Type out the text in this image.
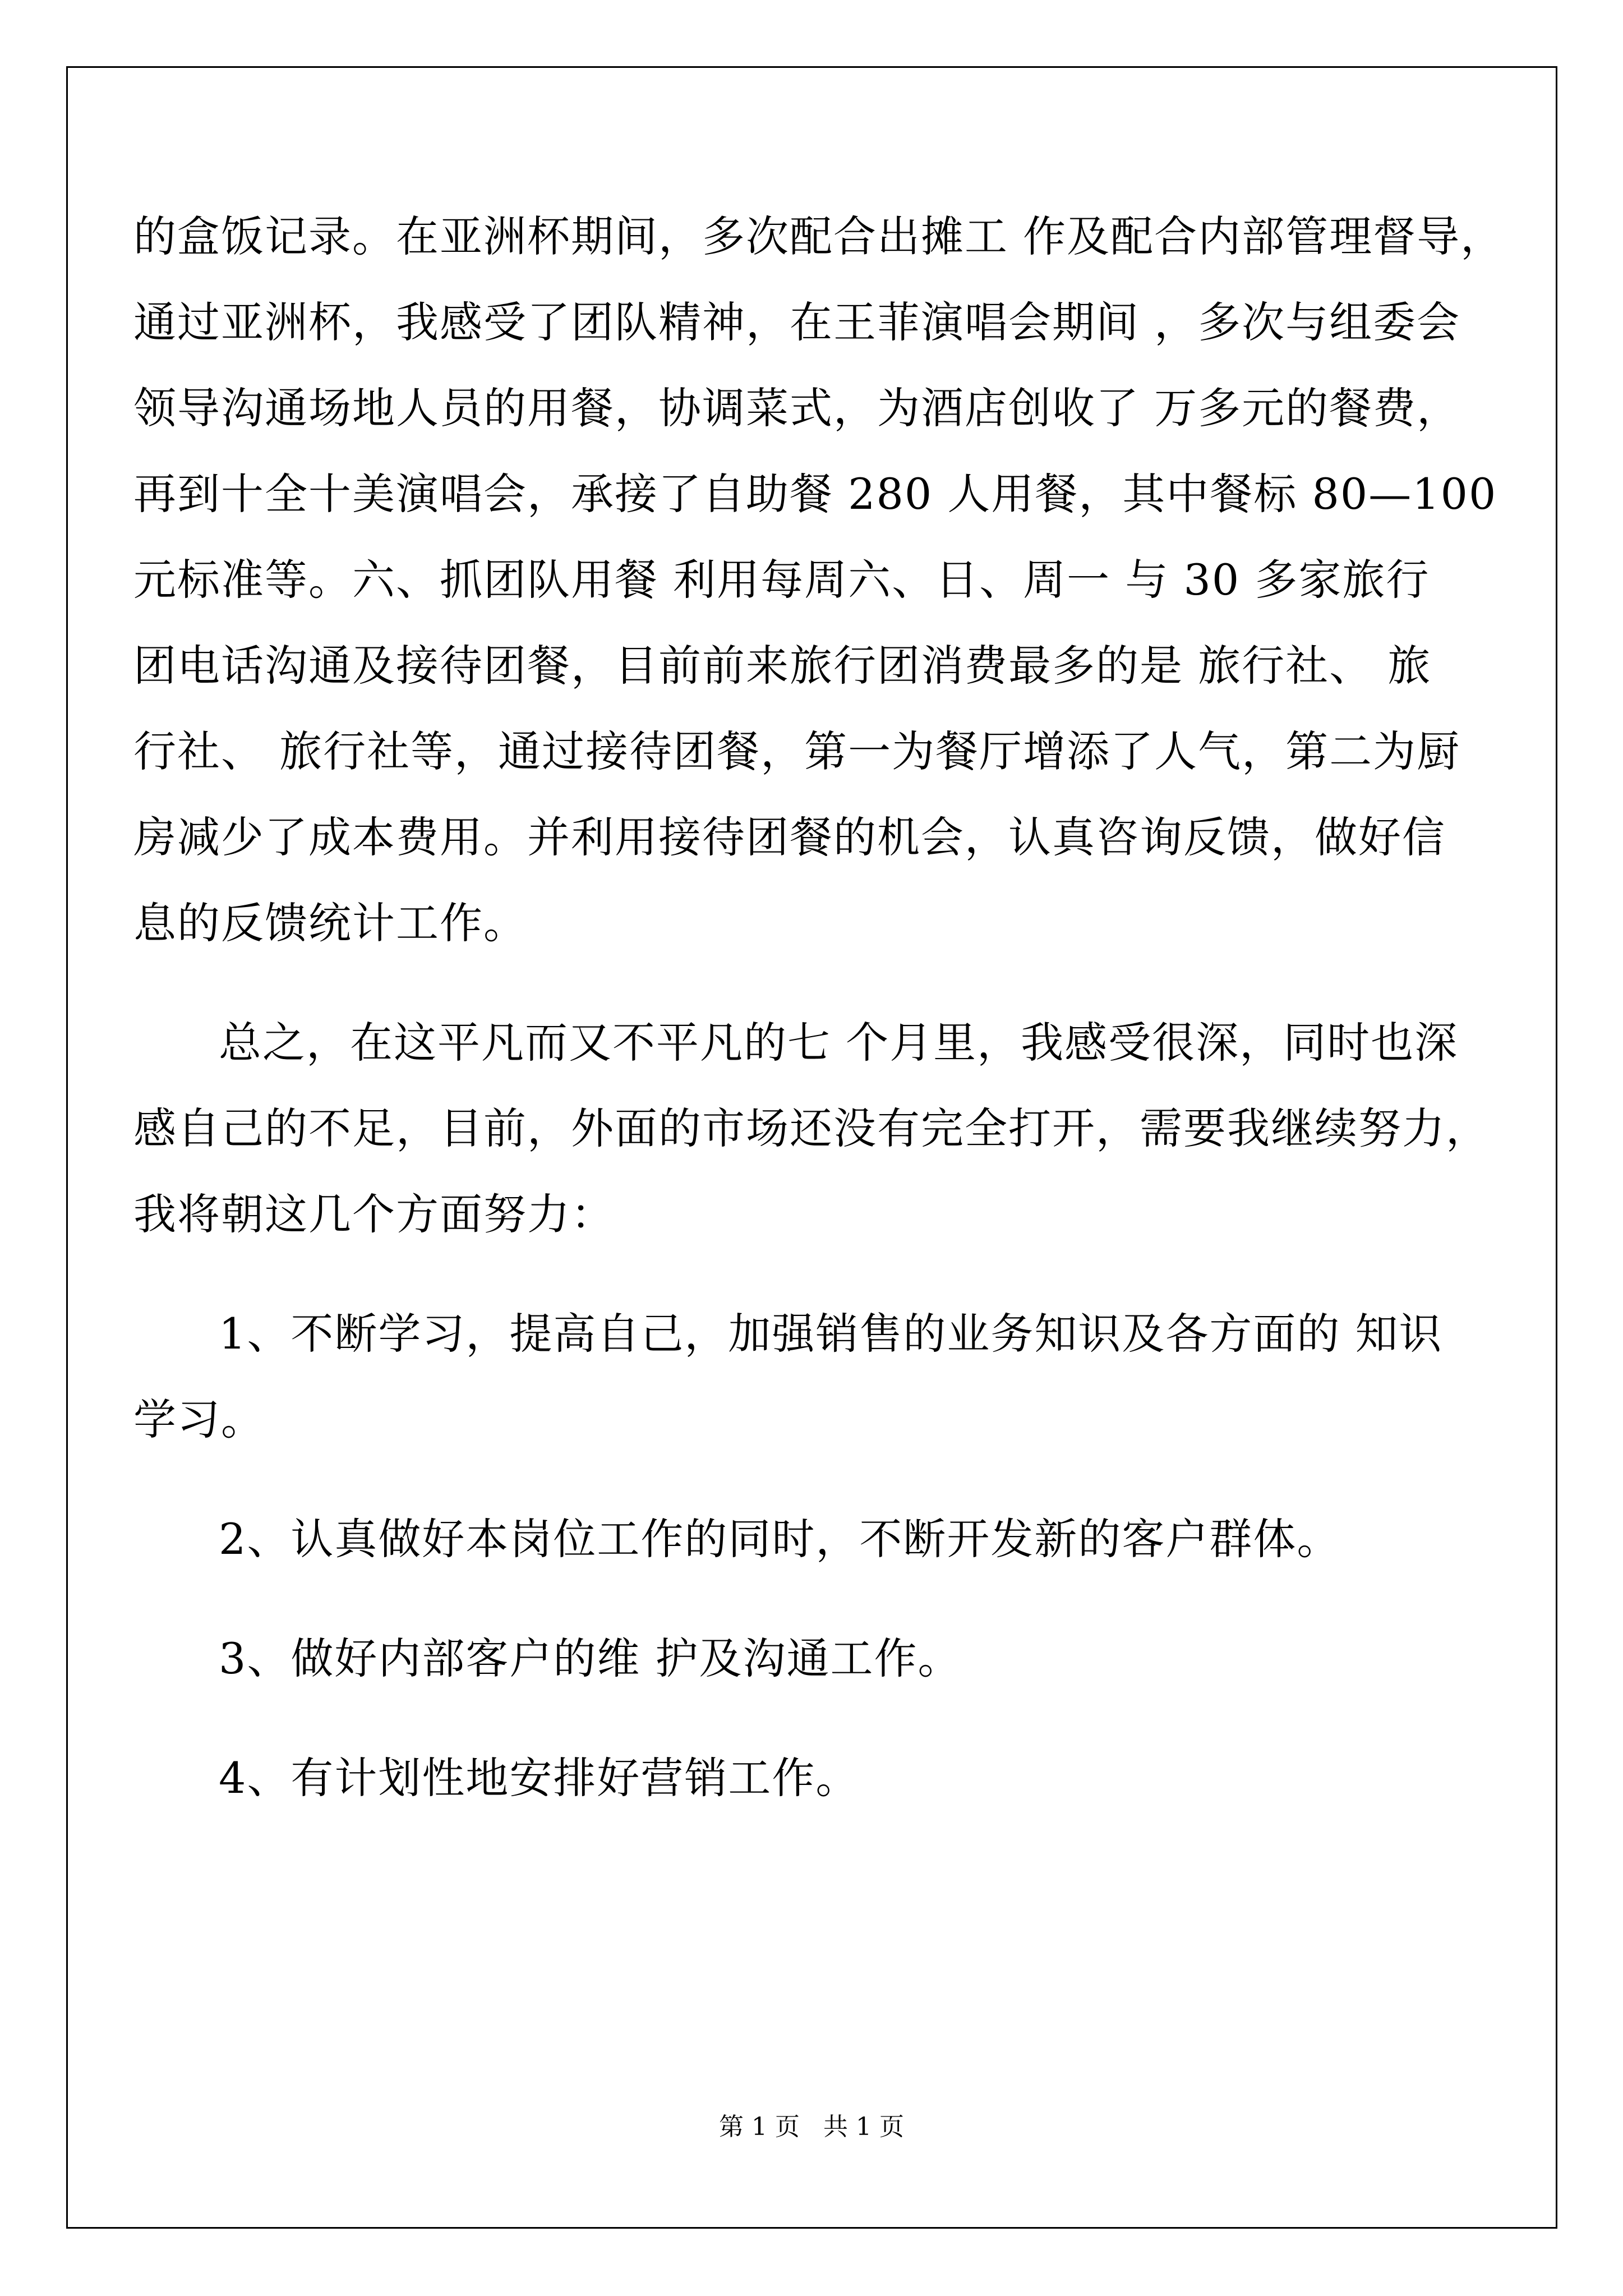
的盒饭记录。在亚洲杯期间，多次配合出摊工 作及配合内部管理督导，
通过亚洲杯，我感受了团队精神，在王菲演唱会期间 ，多次与组委会
领导沟通场地人员的用餐，协调菜式，为酒店创收了 万多元的餐费，
再到十全十美演唱会，承接了自助餐 280 人用餐，其中餐标 80—100
元标准等。六、抓团队用餐 利用每周六、日、周一 与 30 多家旅行
团电话沟通及接待团餐，目前前来旅行团消费最多的是 旅行社、 旅
行社、 旅行社等，通过接待团餐，第一为餐厅增添了人气，第二为厨
房减少了成本费用。并利用接待团餐的机会，认真咨询反馈，做好信
息的反馈统计工作。
总之，在这平凡而又不平凡的七 个月里，我感受很深，同时也深
感自己的不足，目前，外面的市场还没有完全打开，需要我继续努力，
我将朝这几个方面努力：
1、不断学习，提高自己，加强销售的业务知识及各方面的 知识
学习。
2、认真做好本岗位工作的同时，不断开发新的客户群体。
3、做好内部客户的维 护及沟通工作。
4、有计划性地安排好营销工作。
第 1 页 共 1 页
